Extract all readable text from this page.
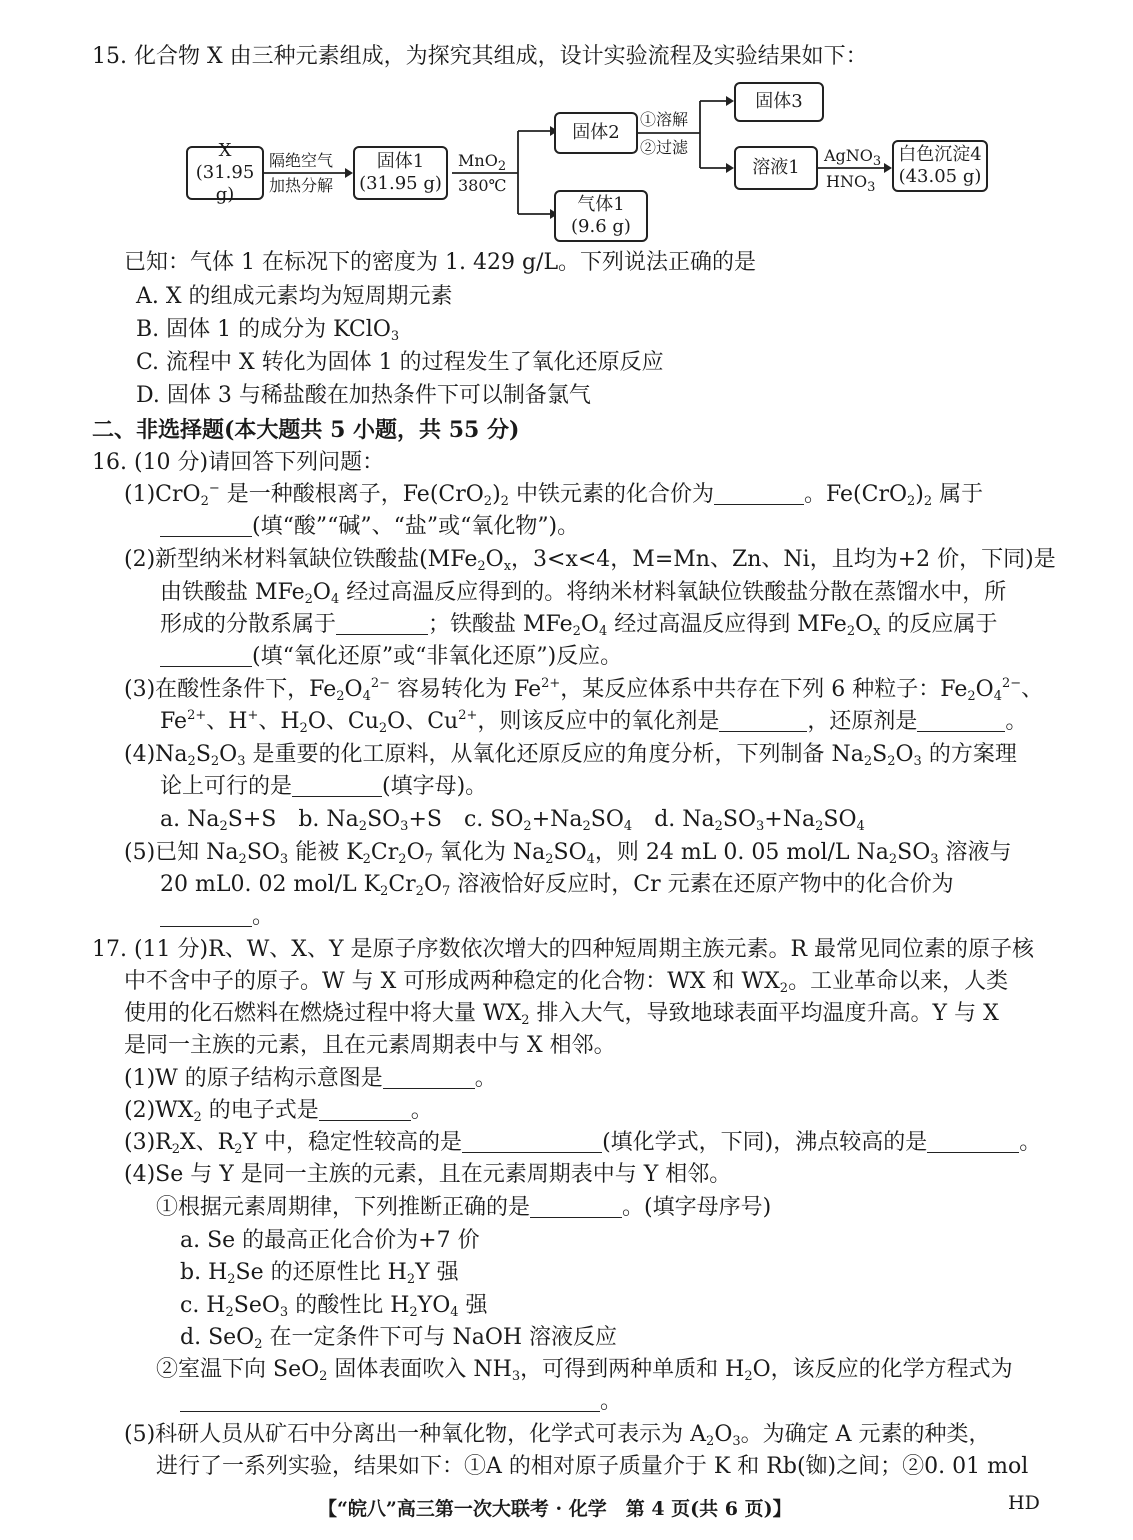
15. 化合物 X 由三种元素组成，为探究其组成，设计实验流程及实验结果如下：
X
(31.95 g)
隔绝空气
加热分解
固体1
(31.95 g)
MnO$_2$
380℃
固体2
气体1
(9.6 g)
①溶解
②过滤
固体3
溶液1
AgNO$_3$
$HNO_3$
白色沉淀4
(43.05 g)
已知：气体 1 在标况下的密度为 1. 429 g/L。下列说法正确的是
A. X 的组成元素均为短周期元素
B. 固体 1 的成分为 KClO$_3$
C. 流程中 X 转化为固体 1 的过程发生了氧化还原反应
D. 固体 3 与稀盐酸在加热条件下可以制备氯气
二、非选择题(本大题共 5 小题，共 55 分)
16. (10 分)请回答下列问题：
(1)CrO$_2$− 是一种酸根离子，$Fe(CrO_2)_2$ 中铁元素的化合价为	。$Fe(CrO_2)_2$ 属于
(填“酸”“碱”、“盐”或“氧化物”)。
(2)新型纳米材料氧缺位铁酸盐($MFe_2O_x$，3<x<4，M=Mn、Zn、Ni，且均为+2 价，下同)是
由铁酸盐 $MFe_2O_4$ 经过高温反应得到的。将纳米材料氧缺位铁酸盐分散在蒸馏水中，所
形成的分散系属于	；铁酸盐 $MFe_2O_4$ 经过高温反应得到 $MFe_2O_x$ 的反应属于
(填“氧化还原”或“非氧化还原”)反应。
(3)在酸性条件下，$Fe_2O_4^{2-}$ 容易转化为 $Fe^{2+}$，某反应体系中共存在下列 6 种粒子：$Fe_2O_4^{2-}$、
$Fe^{2+}$、H+、$H_2O$、$Cu_2O$、$Cu^{2+}$，则该反应中的氧化剂是	，还原剂是	。
$(4)Na_2S_2O_3$ 是重要的化工原料，从氧化还原反应的角度分析，下列制备 $Na_2S_2O_3$ 的方案理
论上可行的是	(填字母)。
a. $Na_2S+S$　 b. $Na_2SO_3+S$　 c. $SO_2+Na_2SO_4$　 d. $Na_2SO_3+Na_2SO_4$
(5)已知 $Na_2SO_3$ 能被 $K_2Cr_2O_7$ 氧化为 $Na_2SO_4$，则 24 mL 0. 05 mol/L $Na_2SO_3$ 溶液与
20 mL0. 02 mol/L $K_2Cr_2O_7$ 溶液恰好反应时，Cr 元素在还原产物中的化合价为
。
17. (11 分)R、W、X、Y 是原子序数依次增大的四种短周期主族元素。R 最常见同位素的原子核
中不含中子的原子。W 与 X 可形成两种稳定的化合物：WX 和 $WX_2$。工业革命以来，人类
使用的化石燃料在燃烧过程中将大量 $WX_2$ 排入大气，导致地球表面平均温度升高。Y 与 X
是同一主族的元素，且在元素周期表中与 X 相邻。
(1)W 的原子结构示意图是	。
$(2)WX_2$ 的电子式是	。
$(3)R_2X$、$R_2Y$ 中，稳定性较高的是	(填化学式，下同)，沸点较高的是	。
(4)Se 与 Y 是同一主族的元素，且在元素周期表中与 Y 相邻。
①根据元素周期律，下列推断正确的是	。(填字母序号)
a. Se 的最高正化合价为+7 价
b. $H_2Se$ 的还原性比 $H_2Y$ 强
c. $H_2SeO_3$ 的酸性比 $H_2YO_4$ 强
d. SeO$_2$ 在一定条件下可与 NaOH 溶液反应
②室温下向 SeO$_2$ 固体表面吹入 $NH_3$，可得到两种单质和 $H_2O$，该反应的化学方程式为
。
(5)科研人员从矿石中分离出一种氧化物，化学式可表示为 $A_2O_3$。为确定 A 元素的种类，
进行了一系列实验，结果如下：①A 的相对原子质量介于 K 和 Rb(铷)之间；②0. 01 mol
【“皖八”高三第一次大联考 · 化学　第 4 页(共 6 页)】	HD
